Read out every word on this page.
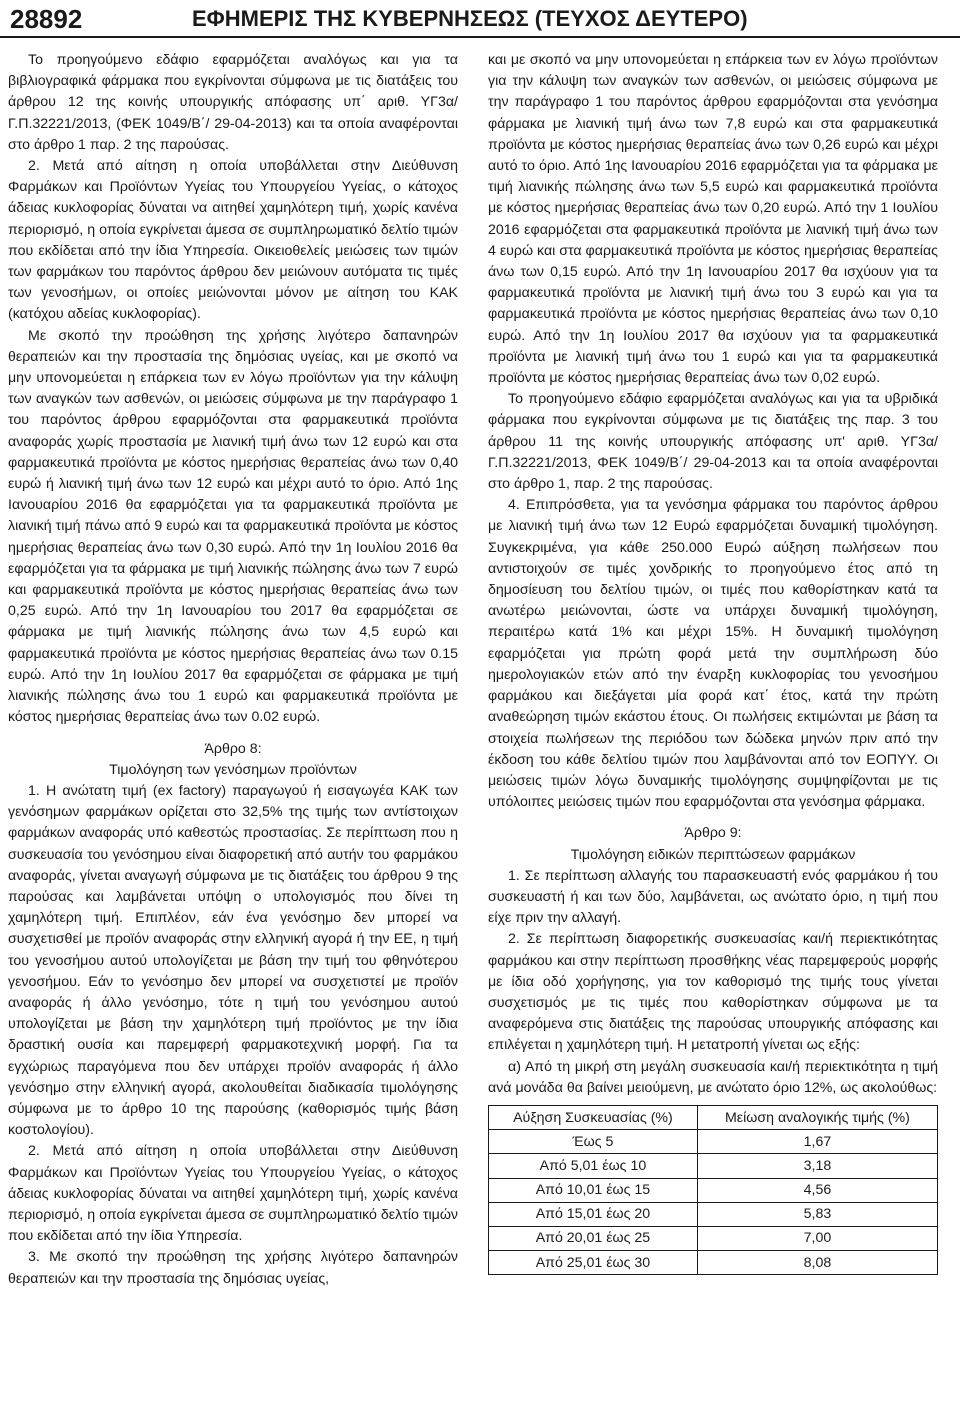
28892	ΕΦΗΜΕΡΙΣ ΤΗΣ ΚΥΒΕΡΝΗΣΕΩΣ (ΤΕΥΧΟΣ ΔΕΥΤΕΡΟ)

Το προηγούμενο εδάφιο εφαρμόζεται αναλόγως και για τα βιβλιογραφικά φάρμακα που εγκρίνονται σύμφωνα με τις διατάξεις του άρθρου 12 της κοινής υπουργικής απόφασης υπ΄ αριθ. ΥΓ3α/Γ.Π.32221/2013, (ΦΕΚ 1049/Β΄/ 29-04-2013) και τα οποία αναφέρονται στο άρθρο 1 παρ. 2 της παρούσας.

2. Μετά από αίτηση η οποία υποβάλλεται στην Διεύθυνση Φαρμάκων και Προϊόντων Υγείας του Υπουργείου Υγείας, ο κάτοχος άδειας κυκλοφορίας δύναται να αιτηθεί χαμηλότερη τιμή, χωρίς κανένα περιορισμό, η οποία εγκρίνεται άμεσα σε συμπληρωματικό δελτίο τιμών που εκδίδεται από την ίδια Υπηρεσία. Οικειοθελείς μειώσεις των τιμών των φαρμάκων του παρόντος άρθρου δεν μειώνουν αυτόματα τις τιμές των γενοσήμων, οι οποίες μειώνονται μόνον με αίτηση του ΚΑΚ (κατόχου αδείας κυκλοφορίας).

Με σκοπό την προώθηση της χρήσης λιγότερο δαπανηρών θεραπειών και την προστασία της δημόσιας υγείας, και με σκοπό να μην υπονομεύεται η επάρκεια των εν λόγω προϊόντων για την κάλυψη των αναγκών των ασθενών, οι μειώσεις σύμφωνα με την παράγραφο 1 του παρόντος άρθρου εφαρμόζονται στα φαρμακευτικά προϊόντα αναφοράς χωρίς προστασία με λιανική τιμή άνω των 12 ευρώ και στα φαρμακευτικά προϊόντα με κόστος ημερήσιας θεραπείας άνω των 0,40 ευρώ ή λιανική τιμή άνω των 12 ευρώ και μέχρι αυτό το όριο. Από 1ης Ιανουαρίου 2016 θα εφαρμόζεται για τα φαρμακευτικά προϊόντα με λιανική τιμή πάνω από 9 ευρώ και τα φαρμακευτικά προϊόντα με κόστος ημερήσιας θεραπείας άνω των 0,30 ευρώ. Από την 1η Ιουλίου 2016 θα εφαρμόζεται για τα φάρμακα με τιμή λιανικής πώλησης άνω των 7 ευρώ και φαρμακευτικά προϊόντα με κόστος ημερήσιας θεραπείας άνω των 0,25 ευρώ. Από την 1η Ιανουαρίου του 2017 θα εφαρμόζεται σε φάρμακα με τιμή λιανικής πώλησης άνω των 4,5 ευρώ και φαρμακευτικά προϊόντα με κόστος ημερήσιας θεραπείας άνω των 0.15 ευρώ. Από την 1η Ιουλίου 2017 θα εφαρμόζεται σε φάρμακα με τιμή λιανικής πώλησης άνω του 1 ευρώ και φαρμακευτικά προϊόντα με κόστος ημερήσιας θεραπείας άνω των 0.02 ευρώ.

Άρθρο 8:
Τιμολόγηση των γενόσημων προϊόντων

1. Η ανώτατη τιμή (ex factory) παραγωγού ή εισαγωγέα ΚΑΚ των γενόσημων φαρμάκων ορίζεται στο 32,5% της τιμής των αντίστοιχων φαρμάκων αναφοράς υπό καθεστώς προστασίας. Σε περίπτωση που η συσκευασία του γενόσημου είναι διαφορετική από αυτήν του φαρμάκου αναφοράς, γίνεται αναγωγή σύμφωνα με τις διατάξεις του άρθρου 9 της παρούσας και λαμβάνεται υπόψη ο υπολογισμός που δίνει τη χαμηλότερη τιμή. Επιπλέον, εάν ένα γενόσημο δεν μπορεί να συσχετισθεί με προϊόν αναφοράς στην ελληνική αγορά ή την ΕΕ, η τιμή του γενοσήμου αυτού υπολογίζεται με βάση την τιμή του φθηνότερου γενοσήμου. Εάν το γενόσημο δεν μπορεί να συσχετιστεί με προϊόν αναφοράς ή άλλο γενόσημο, τότε η τιμή του γενόσημου αυτού υπολογίζεται με βάση την χαμηλότερη τιμή προϊόντος με την ίδια δραστική ουσία και παρεμφερή φαρμακοτεχνική μορφή. Για τα εγχώριως παραγόμενα που δεν υπάρχει προϊόν αναφοράς ή άλλο γενόσημο στην ελληνική αγορά, ακολουθείται διαδικασία τιμολόγησης σύμφωνα με το άρθρο 10 της παρούσης (καθορισμός τιμής βάση κοστολογίου).

2. Μετά από αίτηση η οποία υποβάλλεται στην Διεύθυνση Φαρμάκων και Προϊόντων Υγείας του Υπουργείου Υγείας, ο κάτοχος άδειας κυκλοφορίας δύναται να αιτηθεί χαμηλότερη τιμή, χωρίς κανένα περιορισμό, η οποία εγκρίνεται άμεσα σε συμπληρωματικό δελτίο τιμών που εκδίδεται από την ίδια Υπηρεσία.

3. Με σκοπό την προώθηση της χρήσης λιγότερο δαπανηρών θεραπειών και την προστασία της δημόσιας υγείας,

και με σκοπό να μην υπονομεύεται η επάρκεια των εν λόγω προϊόντων για την κάλυψη των αναγκών των ασθενών, οι μειώσεις σύμφωνα με την παράγραφο 1 του παρόντος άρθρου εφαρμόζονται στα γενόσημα φάρμακα με λιανική τιμή άνω των 7,8 ευρώ και στα φαρμακευτικά προϊόντα με κόστος ημερήσιας θεραπείας άνω των 0,26 ευρώ και μέχρι αυτό το όριο. Από 1ης Ιανουαρίου 2016 εφαρμόζεται για τα φάρμακα με τιμή λιανικής πώλησης άνω των 5,5 ευρώ και φαρμακευτικά προϊόντα με κόστος ημερήσιας θεραπείας άνω των 0,20 ευρώ. Από την 1 Ιουλίου 2016 εφαρμόζεται στα φαρμακευτικά προϊόντα με λιανική τιμή άνω των 4 ευρώ και στα φαρμακευτικά προϊόντα με κόστος ημερήσιας θεραπείας άνω των 0,15 ευρώ. Από την 1η Ιανουαρίου 2017 θα ισχύουν για τα φαρμακευτικά προϊόντα με λιανική τιμή άνω του 3 ευρώ και για τα φαρμακευτικά προϊόντα με κόστος ημερήσιας θεραπείας άνω των 0,10 ευρώ. Από την 1η Ιουλίου 2017 θα ισχύουν για τα φαρμακευτικά προϊόντα με λιανική τιμή άνω του 1 ευρώ και για τα φαρμακευτικά προϊόντα με κόστος ημερήσιας θεραπείας άνω των 0,02 ευρώ.

Το προηγούμενο εδάφιο εφαρμόζεται αναλόγως και για τα υβριδικά φάρμακα που εγκρίνονται σύμφωνα με τις διατάξεις της παρ. 3 του άρθρου 11 της κοινής υπουργικής απόφασης υπ' αριθ. ΥΓ3α/Γ.Π.32221/2013, ΦΕΚ 1049/Β΄/ 29-04-2013 και τα οποία αναφέρονται στο άρθρο 1, παρ. 2 της παρούσας.

4. Επιπρόσθετα, για τα γενόσημα φάρμακα του παρόντος άρθρου με λιανική τιμή άνω των 12 Ευρώ εφαρμόζεται δυναμική τιμολόγηση. Συγκεκριμένα, για κάθε 250.000 Ευρώ αύξηση πωλήσεων που αντιστοιχούν σε τιμές χονδρικής το προηγούμενο έτος από τη δημοσίευση του δελτίου τιμών, οι τιμές που καθορίστηκαν κατά τα ανωτέρω μειώνονται, ώστε να υπάρχει δυναμική τιμολόγηση, περαιτέρω κατά 1% και μέχρι 15%. Η δυναμική τιμολόγηση εφαρμόζεται για πρώτη φορά μετά την συμπλήρωση δύο ημερολογιακών ετών από την έναρξη κυκλοφορίας του γενοσήμου φαρμάκου και διεξάγεται μία φορά κατ΄ έτος, κατά την πρώτη αναθεώρηση τιμών εκάστου έτους. Οι πωλήσεις εκτιμώνται με βάση τα στοιχεία πωλήσεων της περιόδου των δώδεκα μηνών πριν από την έκδοση του κάθε δελτίου τιμών που λαμβάνονται από τον ΕΟΠΥΥ. Οι μειώσεις τιμών λόγω δυναμικής τιμολόγησης συμψηφίζονται με τις υπόλοιπες μειώσεις τιμών που εφαρμόζονται στα γενόσημα φάρμακα.

Άρθρο 9:
Τιμολόγηση ειδικών περιπτώσεων φαρμάκων

1. Σε περίπτωση αλλαγής του παρασκευαστή ενός φαρμάκου ή του συσκευαστή ή και των δύο, λαμβάνεται, ως ανώτατο όριο, η τιμή που είχε πριν την αλλαγή.

2. Σε περίπτωση διαφορετικής συσκευασίας και/ή περιεκτικότητας φαρμάκου και στην περίπτωση προσθήκης νέας παρεμφερούς μορφής με ίδια οδό χορήγησης, για τον καθορισμό της τιμής τους γίνεται συσχετισμός με τις τιμές που καθορίστηκαν σύμφωνα με τα αναφερόμενα στις διατάξεις της παρούσας υπουργικής απόφασης και επιλέγεται η χαμηλότερη τιμή. Η μετατροπή γίνεται ως εξής:

α) Από τη μικρή στη μεγάλη συσκευασία και/ή περιεκτικότητα η τιμή ανά μονάδα θα βαίνει μειούμενη, με ανώτατο όριο 12%, ως ακολούθως:

Αύξηση Συσκευασίας (%)	Μείωση αναλογικής τιμής (%)
Έως 5	1,67
Από 5,01 έως 10	3,18
Από 10,01 έως 15	4,56
Από 15,01 έως 20	5,83
Από 20,01 έως 25	7,00
Από 25,01 έως 30	8,08
